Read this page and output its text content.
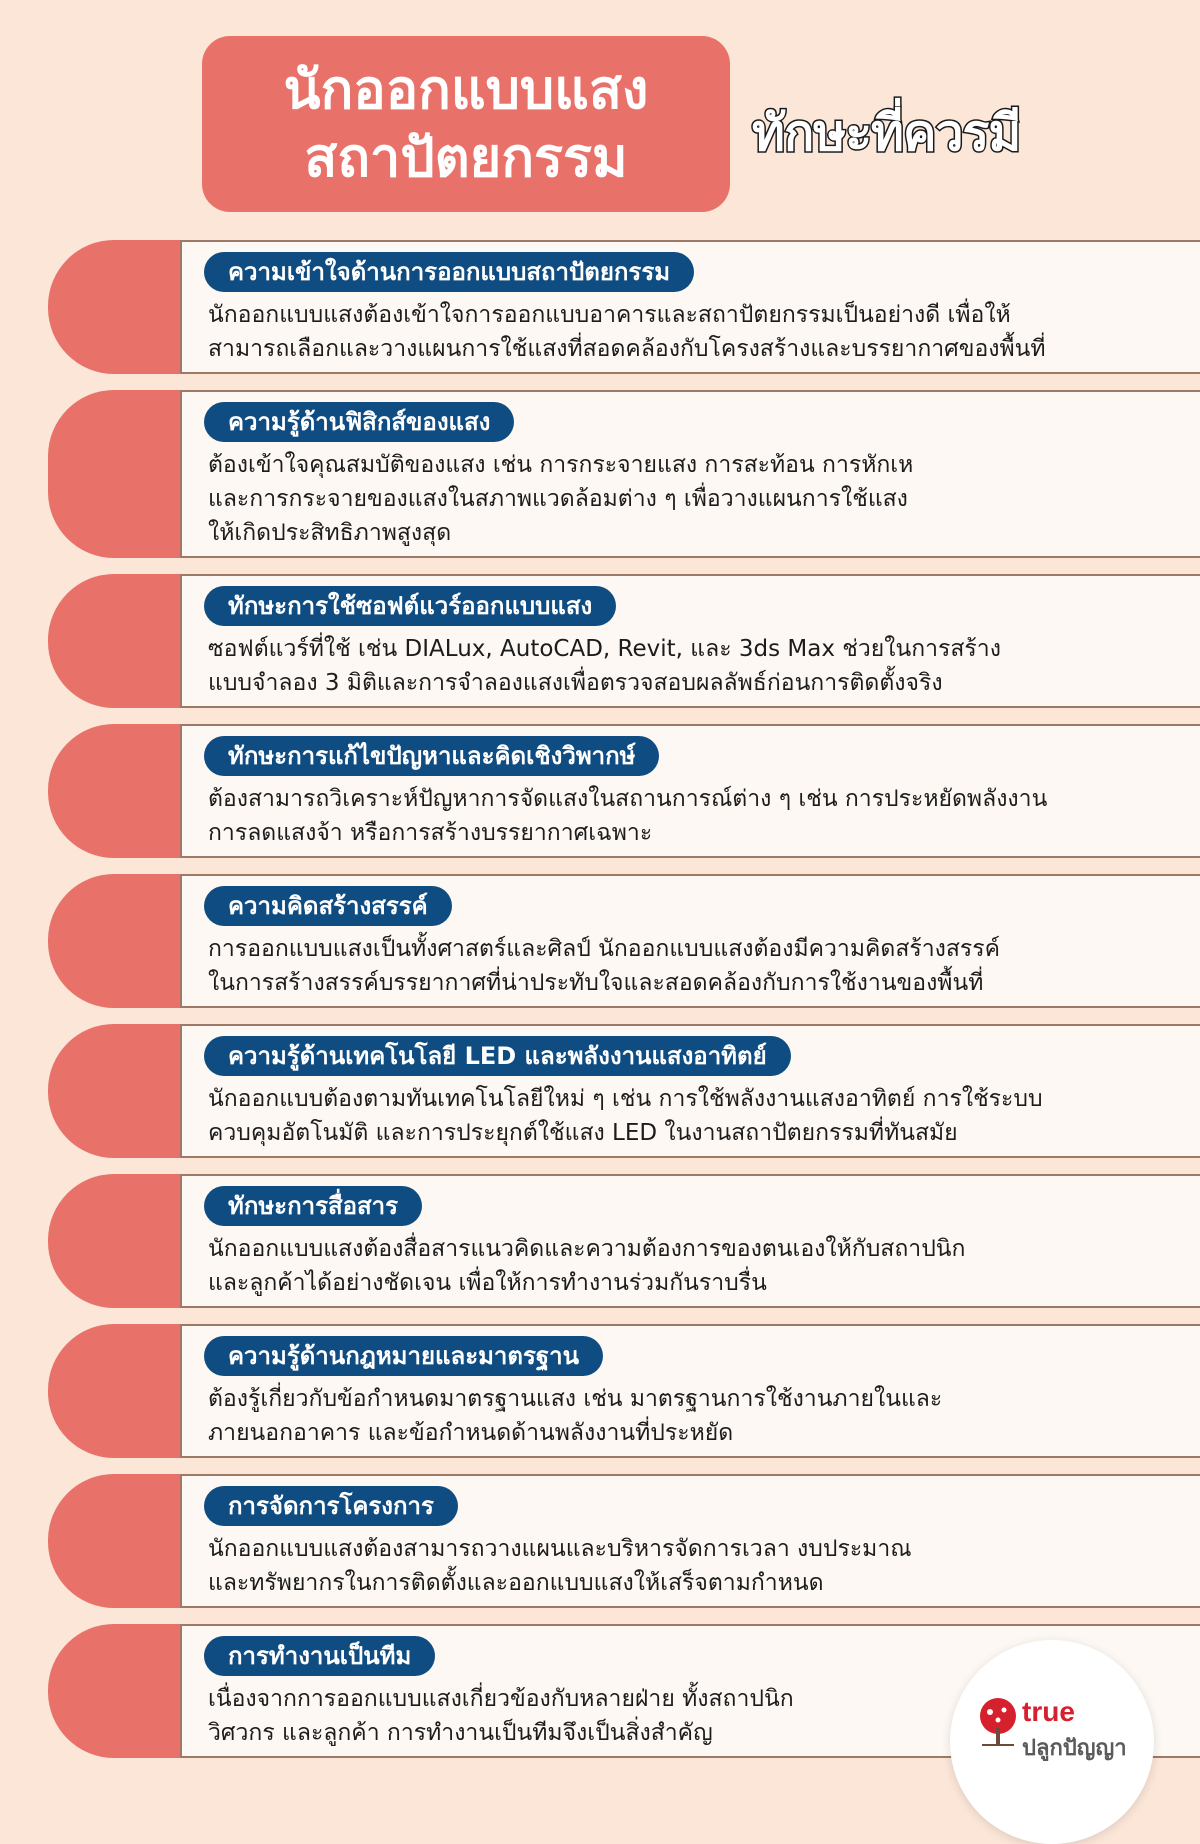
นักออกแบบแสง
สถาปัตยกรรม ทักษะที่ควรมี
ความเข้าใจด้านการออกแบบสถาปัตยกรรม
นักออกแบบแสงต้องเข้าใจการออกแบบอาคารและสถาปัตยกรรมเป็นอย่างดี เพื่อให้
สามารถเลือกและวางแผนการใช้แสงที่สอดคล้องกับโครงสร้างและบรรยากาศของพื้นที่
ความรู้ด้านฟิสิกส์ของแสง
ต้องเข้าใจคุณสมบัติของแสง เช่น การกระจายแสง การสะท้อน การหักเห
และการกระจายของแสงในสภาพแวดล้อมต่าง ๆ เพื่อวางแผนการใช้แสง
ให้เกิดประสิทธิภาพสูงสุด
ทักษะการใช้ซอฟต์แวร์ออกแบบแสง
ซอฟต์แวร์ที่ใช้ เช่น DIALux, AutoCAD, Revit, และ 3ds Max ช่วยในการสร้าง
แบบจำลอง 3 มิติและการจำลองแสงเพื่อตรวจสอบผลลัพธ์ก่อนการติดตั้งจริง
ทักษะการแก้ไขปัญหาและคิดเชิงวิพากษ์
ต้องสามารถวิเคราะห์ปัญหาการจัดแสงในสถานการณ์ต่าง ๆ เช่น การประหยัดพลังงาน
การลดแสงจ้า หรือการสร้างบรรยากาศเฉพาะ
ความคิดสร้างสรรค์
การออกแบบแสงเป็นทั้งศาสตร์และศิลป์ นักออกแบบแสงต้องมีความคิดสร้างสรรค์
ในการสร้างสรรค์บรรยากาศที่น่าประทับใจและสอดคล้องกับการใช้งานของพื้นที่
ความรู้ด้านเทคโนโลยี LED และพลังงานแสงอาทิตย์
นักออกแบบต้องตามทันเทคโนโลยีใหม่ ๆ เช่น การใช้พลังงานแสงอาทิตย์ การใช้ระบบ
ควบคุมอัตโนมัติ และการประยุกต์ใช้แสง LED ในงานสถาปัตยกรรมที่ทันสมัย
ทักษะการสื่อสาร
นักออกแบบแสงต้องสื่อสารแนวคิดและความต้องการของตนเองให้กับสถาปนิก
และลูกค้าได้อย่างชัดเจน เพื่อให้การทำงานร่วมกันราบรื่น
ความรู้ด้านกฎหมายและมาตรฐาน
ต้องรู้เกี่ยวกับข้อกำหนดมาตรฐานแสง เช่น มาตรฐานการใช้งานภายในและ
ภายนอกอาคาร และข้อกำหนดด้านพลังงานที่ประหยัด
การจัดการโครงการ
นักออกแบบแสงต้องสามารถวางแผนและบริหารจัดการเวลา งบประมาณ
และทรัพยากรในการติดตั้งและออกแบบแสงให้เสร็จตามกำหนด
การทำงานเป็นทีม
เนื่องจากการออกแบบแสงเกี่ยวข้องกับหลายฝ่าย ทั้งสถาปนิก
วิศวกร และลูกค้า การทำงานเป็นทีมจึงเป็นสิ่งสำคัญ
true
ปลูกปัญญา
